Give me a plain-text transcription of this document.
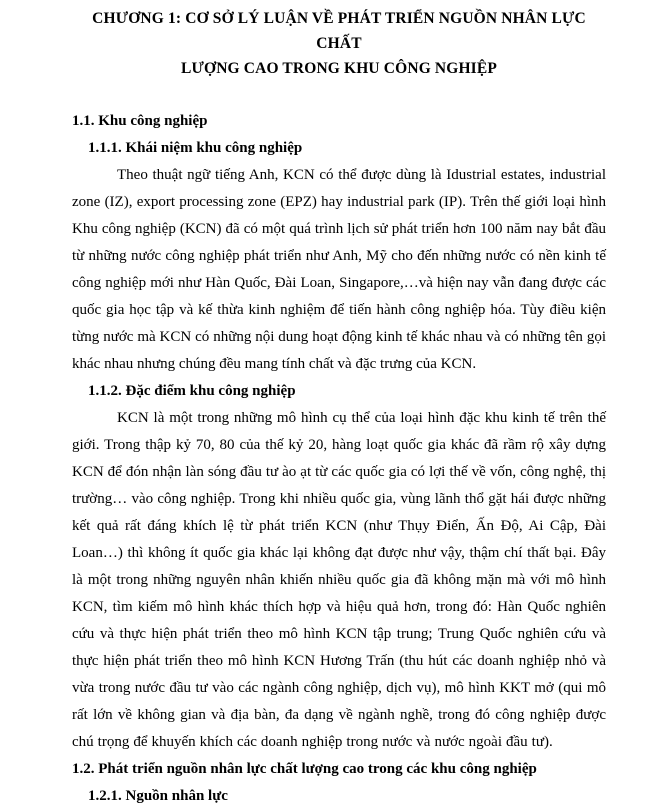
CHƯƠNG 1: CƠ SỞ LÝ LUẬN VỀ PHÁT TRIỂN NGUỒN NHÂN LỰC CHẤT
LƯỢNG CAO TRONG KHU CÔNG NGHIỆP
1.1. Khu công nghiệp
1.1.1. Khái niệm khu công nghiệp

Theo thuật ngữ tiếng Anh, KCN có thể được dùng là Idustrial estates, industrial zone (IZ), export processing zone (EPZ) hay industrial park (IP). Trên thế giới loại hình Khu công nghiệp (KCN) đã có một quá trình lịch sử phát triển hơn 100 năm nay bắt đầu từ những nước công nghiệp phát triển như Anh, Mỹ cho đến những nước có nền kinh tế công nghiệp mới như Hàn Quốc, Đài Loan, Singapore,…và hiện nay vẫn đang được các quốc gia học tập và kế thừa kinh nghiệm để tiến hành công nghiệp hóa. Tùy điều kiện từng nước mà KCN có những nội dung hoạt động kinh tế khác nhau và có những tên gọi khác nhau nhưng chúng đều mang tính chất và đặc trưng của KCN.

1.1.2. Đặc điểm khu công nghiệp

KCN là một trong những mô hình cụ thể của loại hình đặc khu kinh tế trên thế giới. Trong thập kỷ 70, 80 của thế kỷ 20, hàng loạt quốc gia khác đã rầm rộ xây dựng KCN để đón nhận làn sóng đầu tư ào ạt từ các quốc gia có lợi thế về vốn, công nghệ, thị trường… vào công nghiệp. Trong khi nhiều quốc gia, vùng lãnh thổ gặt hái được những kết quả rất đáng khích lệ từ phát triển KCN (như Thụy Điển, Ấn Độ, Ai Cập, Đài Loan…) thì không ít quốc gia khác lại không đạt được như vậy, thậm chí thất bại. Đây là một trong những nguyên nhân khiến nhiều quốc gia đã không mặn mà với mô hình KCN, tìm kiếm mô hình khác thích hợp và hiệu quả hơn, trong đó: Hàn Quốc nghiên cứu và thực hiện phát triển theo mô hình KCN tập trung; Trung Quốc nghiên cứu và thực hiện phát triển theo mô hình KCN Hương Trấn (thu hút các doanh nghiệp nhỏ và vừa trong nước đầu tư vào các ngành công nghiệp, dịch vụ), mô hình KKT mở (qui mô rất lớn về không gian và địa bàn, đa dạng về ngành nghề, trong đó công nghiệp được chú trọng để khuyến khích các doanh nghiệp trong nước và nước ngoài đầu tư).

1.2. Phát triển nguồn nhân lực chất lượng cao trong các khu công nghiệp
1.2.1. Nguồn nhân lực
